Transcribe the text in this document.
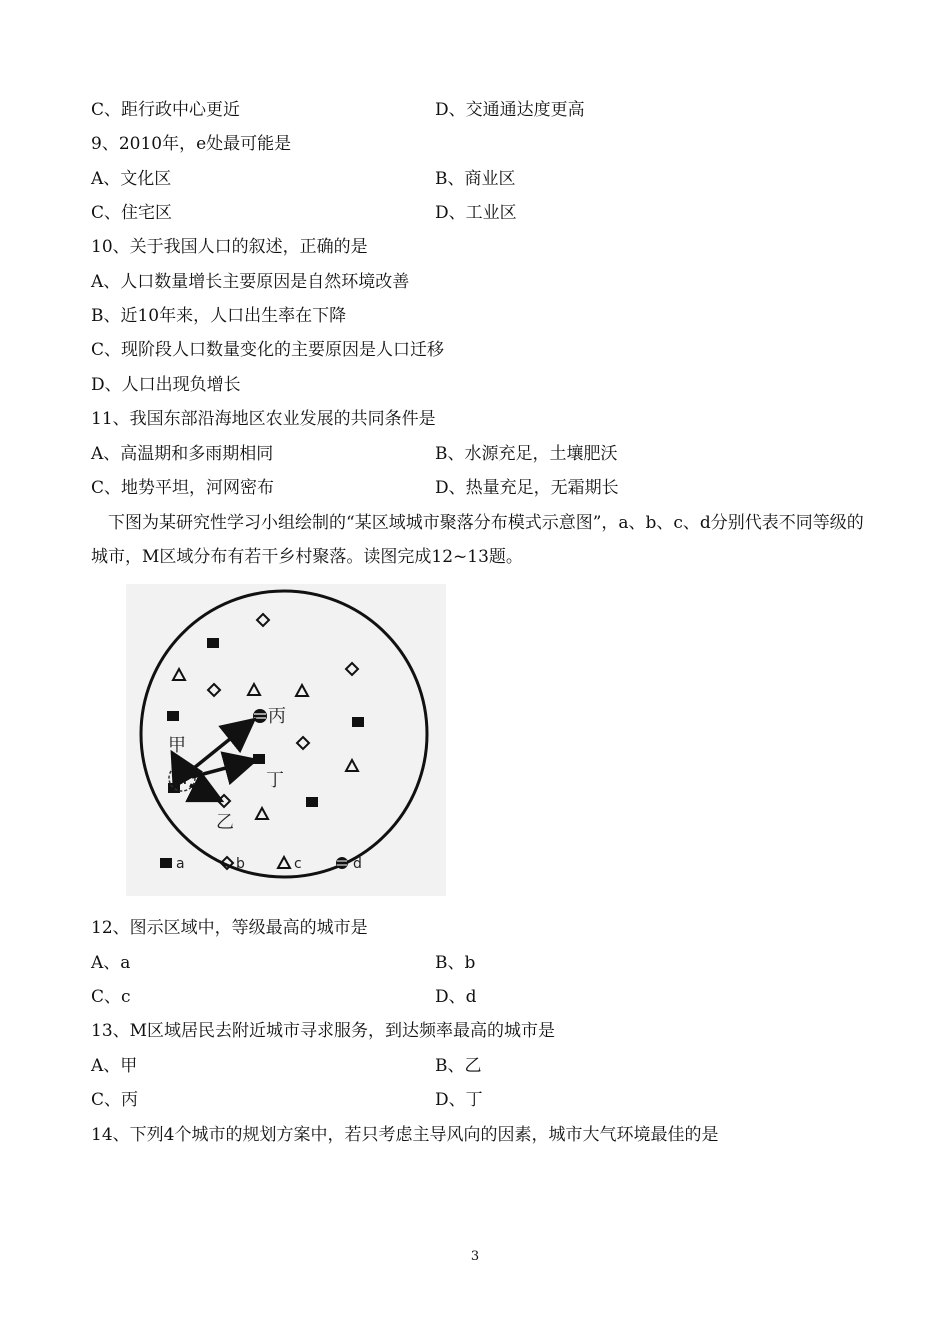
C、距行政中心更近	D、交通通达度更高
9、2010年，e处最可能是
A、文化区	B、商业区
C、住宅区	D、工业区
10、关于我国人口的叙述，正确的是
A、人口数量增长主要原因是自然环境改善
B、近10年来，人口出生率在下降
C、现阶段人口数量变化的主要原因是人口迁移
D、人口出现负增长
11、我国东部沿海地区农业发展的共同条件是
A、高温期和多雨期相同	B、水源充足，土壤肥沃
C、地势平坦，河网密布	D、热量充足，无霜期长
下图为某研究性学习小组绘制的“某区域城市聚落分布模式示意图”，a、b、c、d分别代表不同等级的城市，M区域分布有若干乡村聚落。读图完成12~13题。
M
甲
乙
丙
丁
a	b	c	d
12、图示区域中，等级最高的城市是
A、a	B、b
C、c	D、d
13、M区域居民去附近城市寻求服务，到达频率最高的城市是
A、甲	B、乙
C、丙	D、丁
14、下列4个城市的规划方案中，若只考虑主导风向的因素，城市大气环境最佳的是
3
